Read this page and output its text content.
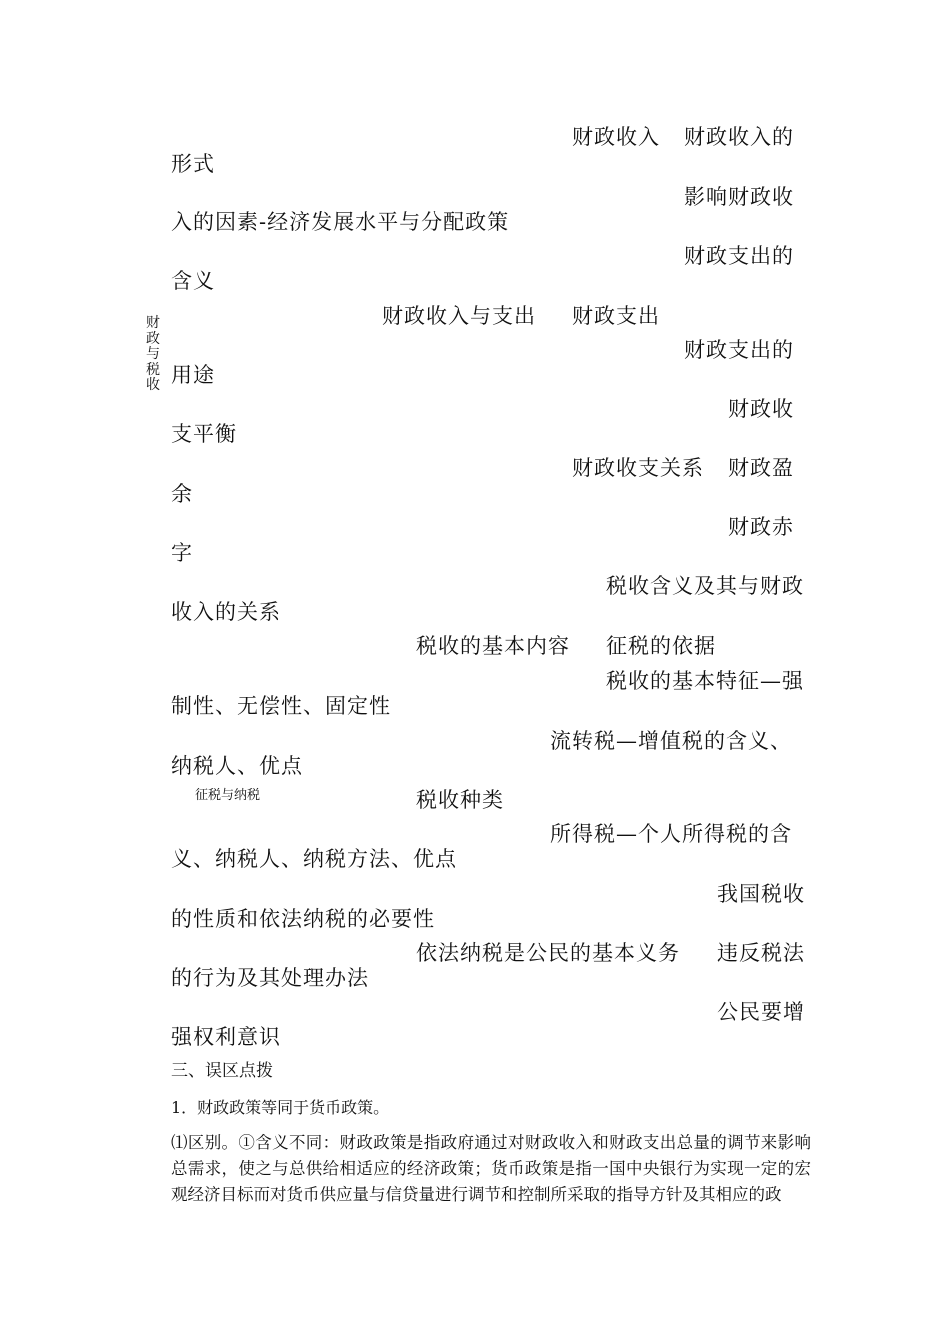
财政与税收
征税与纳税
财政收入 财政收入的
形式
影响财政收
入的因素-经济发展水平与分配政策
财政支出的
含义
财政收入与支出 财政支出
财政支出的
用途
财政收
支平衡
财政收支关系 财政盈
余
财政赤
字
税收含义及其与财政
收入的关系
税收的基本内容 征税的依据
税收的基本特征—强
制性、无偿性、固定性
流转税—增值税的含义、
纳税人、优点
税收种类
所得税—个人所得税的含
义、纳税人、纳税方法、优点
我国税收
的性质和依法纳税的必要性
依法纳税是公民的基本义务 违反税法
的行为及其处理办法
公民要增
强权利意识
三、误区点拨
1．财政政策等同于货币政策。
⑴区别。①含义不同：财政政策是指政府通过对财政收入和财政支出总量的调节来影响总需求，使之与总供给相适应的经济政策；货币政策是指一国中央银行为实现一定的宏观经济目标而对货币供应量与信贷量进行调节和控制所采取的指导方针及其相应的政
